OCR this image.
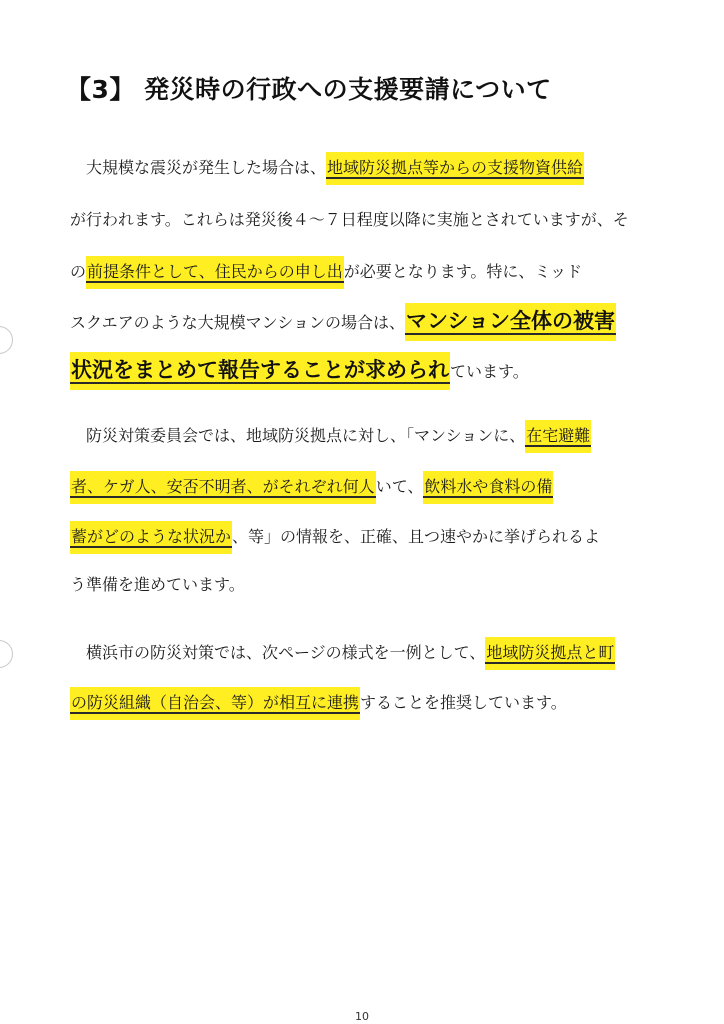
【3】 発災時の行政への支援要請について
　大規模な震災が発生した場合は、地域防災拠点等からの支援物資供給
が行われます。これらは発災後４～７日程度以降に実施とされていますが、そ
の前提条件として、住民からの申し出が必要となります。特に、ミッド
スクエアのような大規模マンションの場合は、マンション全体の被害
状況をまとめて報告することが求められています。
　防災対策委員会では、地域防災拠点に対し、「マンションに、在宅避難
者、ケガ人、安否不明者、がそれぞれ何人いて、飲料水や食料の備
蓄がどのような状況か、等」の情報を、正確、且つ速やかに挙げられるよ
う準備を進めています。
　横浜市の防災対策では、次ページの様式を一例として、地域防災拠点と町
の防災組織（自治会、等）が相互に連携することを推奨しています。
10
